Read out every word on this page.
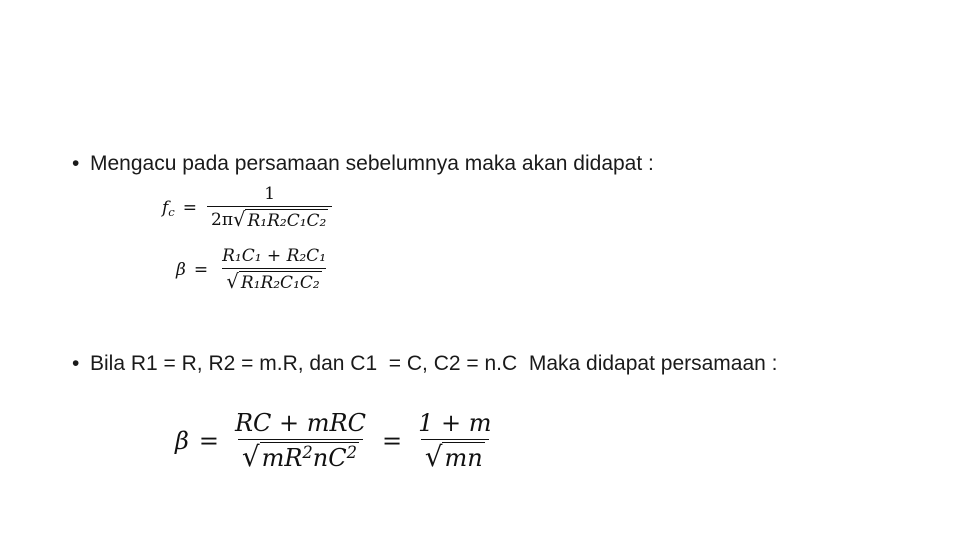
• Mengacu pada persamaan sebelumnya maka akan didapat :
$f_c = \frac{1}{\text{2π √ R₁R₂C₁C₂}}$
$\beta = \frac{\text{R₁C₁ + R₂C₁}}{\text{√ R₁R₂C₁C₂}}$
• Bila R1 = R, R2 = m.R, dan C1  = C, C2 = n.C  Maka didapat persamaan :
$\beta = \frac{\text{RC + mRC}}{√ mR^2nC^2} = \frac{1 + m}{√ mn}$
